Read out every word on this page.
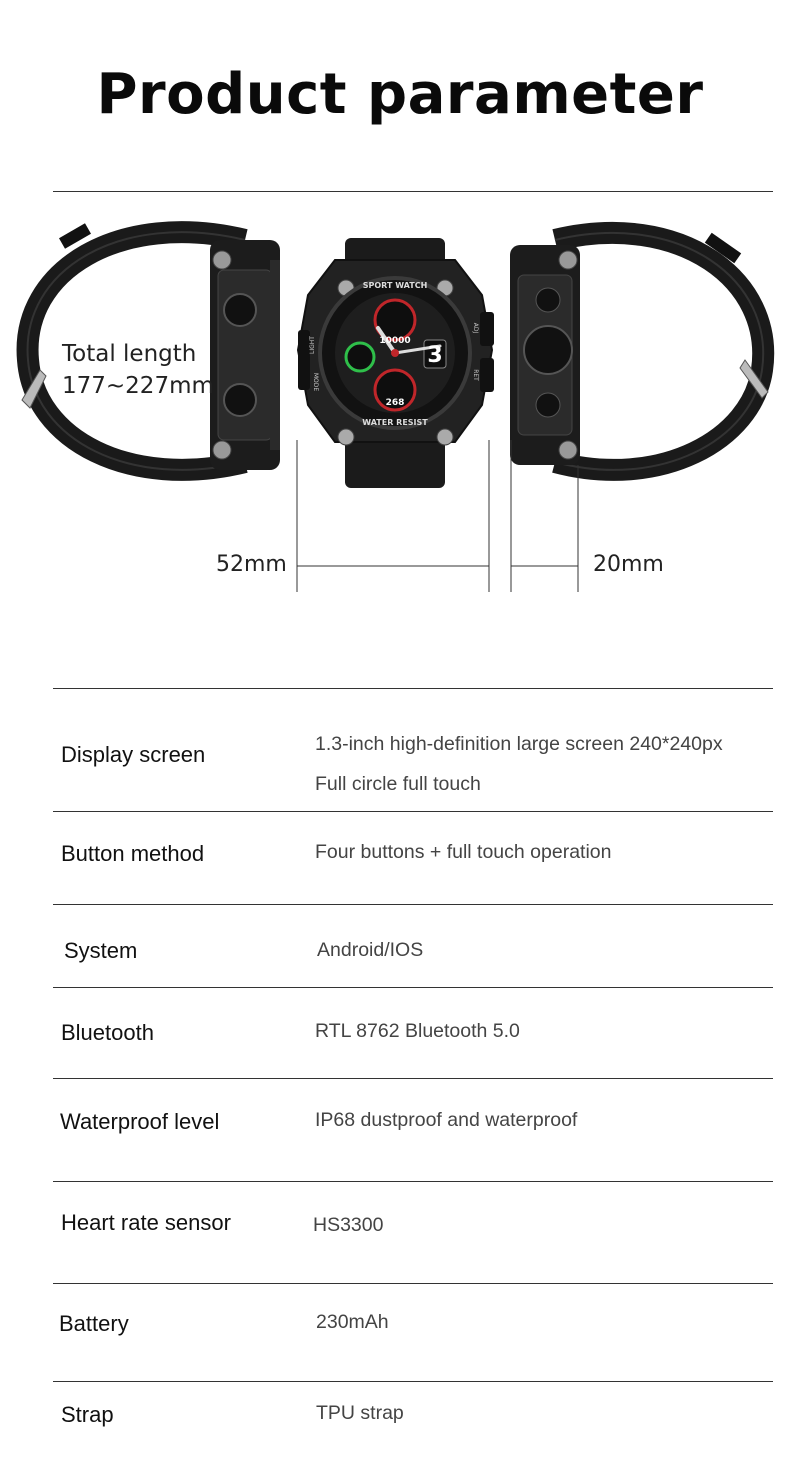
Product parameter
SPORT WATCH
WATER RESIST
10000
268
3
LIGHT
MODE
ADJ
RET
Total length
177~227mm
52mm	20mm
Display screen	1.3-inch high-definition large screen 240*240px
Full circle full touch
Button method	Four buttons + full touch operation
System	Android/IOS
Bluetooth	RTL 8762 Bluetooth 5.0
Waterproof level	IP68 dustproof and waterproof
Heart rate sensor	HS3300
Battery	230mAh
Strap	TPU strap
